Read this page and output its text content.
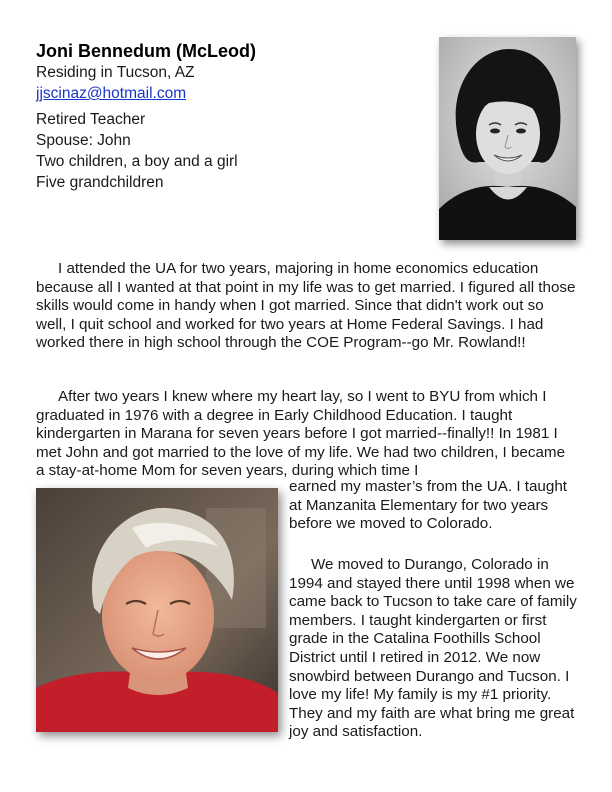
Joni Bennedum (McLeod)

Residing in Tucson, AZ

jjscinaz@hotmail.com

Retired Teacher

Spouse: John

Two children, a boy and a girl

Five grandchildren

I attended the UA for two years, majoring in home economics education because all I wanted at that point in my life was to get married. I figured all those skills would come in handy when I got married. Since that didn't work out so well, I quit school and worked for two years at Home Federal Savings. I had worked there in high school through the COE Program--go Mr. Rowland!!

After two years I knew where my heart lay, so I went to BYU from which I graduated in 1976 with a degree in Early Childhood Education. I taught kindergarten in Marana for seven years before I got married--finally!! In 1981 I met John and got married to the love of my life. We had two children, I became a stay-at-home Mom for seven years, during which time I

earned my master’s from the UA. I taught at Manzanita Elementary for two years before we moved to Colorado.

We moved to Durango, Colorado in 1994 and stayed there until 1998 when we came back to Tucson to take care of family members. I taught kindergarten or first grade in the Catalina Foothills School District until I retired in 2012. We now snowbird between Durango and Tucson. I love my life! My family is my #1 priority. They and my faith are what bring me great joy and satisfaction.
